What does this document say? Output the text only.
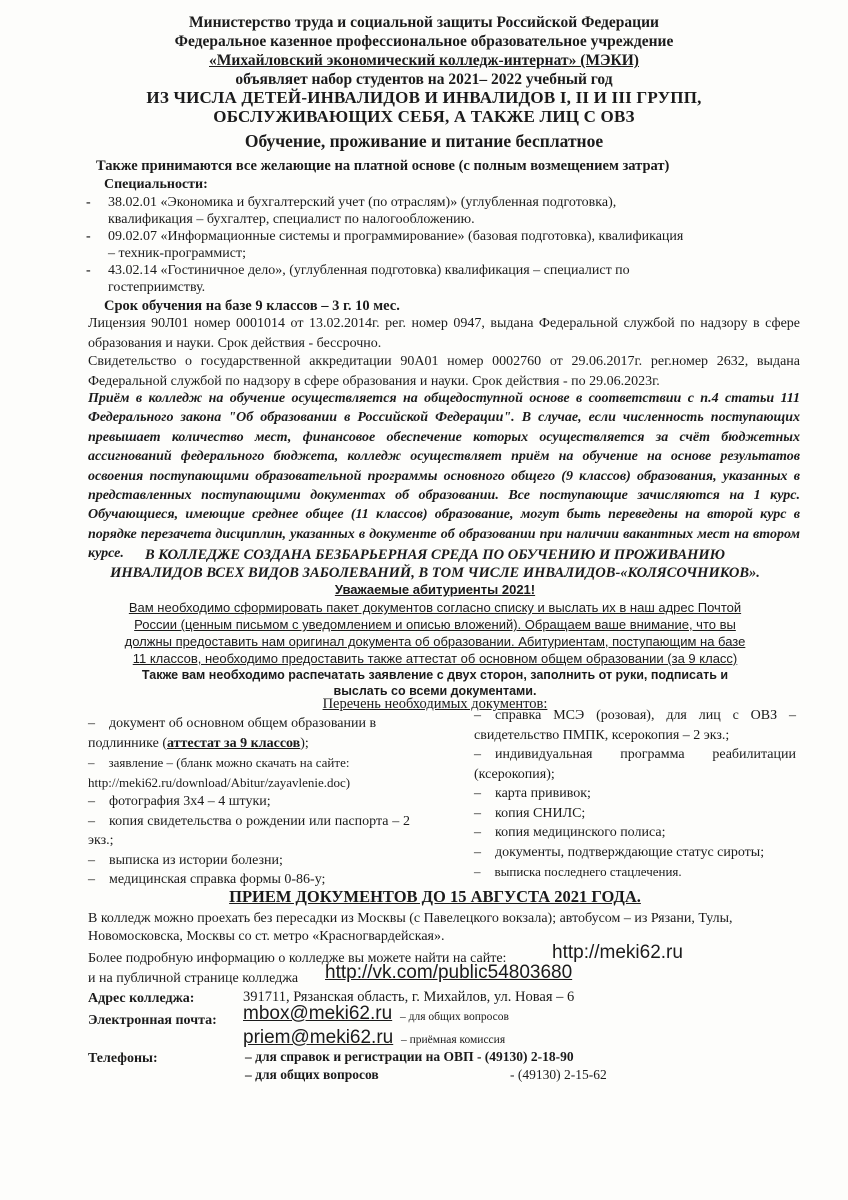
Министерство труда и социальной защиты Российской Федерации
Федеральное казенное профессиональное образовательное учреждение
«Михайловский экономический колледж-интернат» (МЭКИ)
объявляет набор студентов на 2021– 2022 учебный год
ИЗ ЧИСЛА ДЕТЕЙ-ИНВАЛИДОВ И ИНВАЛИДОВ I, II И III ГРУПП,
ОБСЛУЖИВАЮЩИХ СЕБЯ, А ТАКЖЕ ЛИЦ С ОВЗ
Обучение, проживание и питание бесплатное
Также принимаются все желающие на платной основе (с полным возмещением затрат)
Специальности:
- 38.02.01 «Экономика и бухгалтерский учет (по отраслям)» (углубленная подготовка),
квалификация – бухгалтер, специалист по налогообложению.
- 09.02.07 «Информационные системы и программирование» (базовая подготовка), квалификация
– техник-программист;
- 43.02.14 «Гостиничное дело», (углубленная подготовка) квалификация – специалист по
гостеприимству.
Срок обучения на базе 9 классов – 3 г. 10 мес.
Лицензия 90Л01 номер 0001014 от 13.02.2014г. рег. номер 0947, выдана Федеральной службой по надзору в сфере образования и науки. Срок действия - бессрочно.
Свидетельство о государственной аккредитации 90А01 номер 0002760 от 29.06.2017г. рег.номер 2632, выдана Федеральной службой по надзору в сфере образования и науки. Срок действия - по 29.06.2023г.
Приём в колледж на обучение осуществляется на общедоступной основе в соответствии с п.4 статьи 111 Федерального закона "Об образовании в Российской Федерации". В случае, если численность поступающих превышает количество мест, финансовое обеспечение которых осуществляется за счёт бюджетных ассигнований федерального бюджета, колледж осуществляет приём на обучение на основе результатов освоения поступающими образовательной программы основного общего (9 классов) образования, указанных в представленных поступающими документах об образовании. Все поступающие зачисляются на 1 курс. Обучающиеся, имеющие среднее общее (11 классов) образование, могут быть переведены на второй курс в порядке перезачета дисциплин, указанных в документе об образовании при наличии вакантных мест на втором курсе.	В КОЛЛЕДЖЕ СОЗДАНА БЕЗБАРЬЕРНАЯ СРЕДА ПО ОБУЧЕНИЮ И ПРОЖИВАНИЮ
ИНВАЛИДОВ ВСЕХ ВИДОВ ЗАБОЛЕВАНИЙ, В ТОМ ЧИСЛЕ ИНВАЛИДОВ-«КОЛЯСОЧНИКОВ».
Уважаемые абитуриенты 2021!
Вам необходимо сформировать пакет документов согласно списку и выслать их в наш адрес Почтой
России (ценным письмом с уведомлением и описью вложений). Обращаем ваше внимание, что вы
должны предоставить нам оригинал документа об образовании. Абитуриентам, поступающим на базе
11 классов, необходимо предоставить также аттестат об основном общем образовании (за 9 класс)
Также вам необходимо распечатать заявление с двух сторон, заполнить от руки, подписать и
выслать со всеми документами.
Перечень необходимых документов:
– документ об основном общем образовании в подлиннике (аттестат за 9 классов);
– заявление – (бланк можно скачать на сайте: http://meki62.ru/download/Abitur/zayavlenie.doc)
– фотография 3х4 – 4 штуки;
– копия свидетельства о рождении или паспорта – 2 экз.;
– выписка из истории болезни;
– медицинская справка формы 0-86-у;
– справка МСЭ (розовая), для лиц с ОВЗ – свидетельство ПМПК, ксерокопия – 2 экз.;
– индивидуальная программа реабилитации (ксерокопия);
– карта прививок;
– копия СНИЛС;
– копия медицинского полиса;
– документы, подтверждающие статус сироты;
– выписка последнего стацлечения.
ПРИЕМ ДОКУМЕНТОВ ДО 15 АВГУСТА 2021 ГОДА.
В колледж можно проехать без пересадки из Москвы (с Павелецкого вокзала); автобусом – из Рязани, Тулы,
Новомосковска, Москвы со ст. метро «Красногвардейская».
Более подробную информацию о колледже вы можете найти на сайте: http://meki62.ru
и на публичной странице колледжа http://vk.com/public54803680
Адрес колледжа:	391711, Рязанская область, г. Михайлов, ул. Новая – 6
Электронная почта: mbox@meki62.ru – для общих вопросов
priem@meki62.ru – приёмная комиссия
Телефоны:	– для справок и регистрации на ОВП - (49130) 2-18-90
– для общих вопросов	- (49130) 2-15-62
